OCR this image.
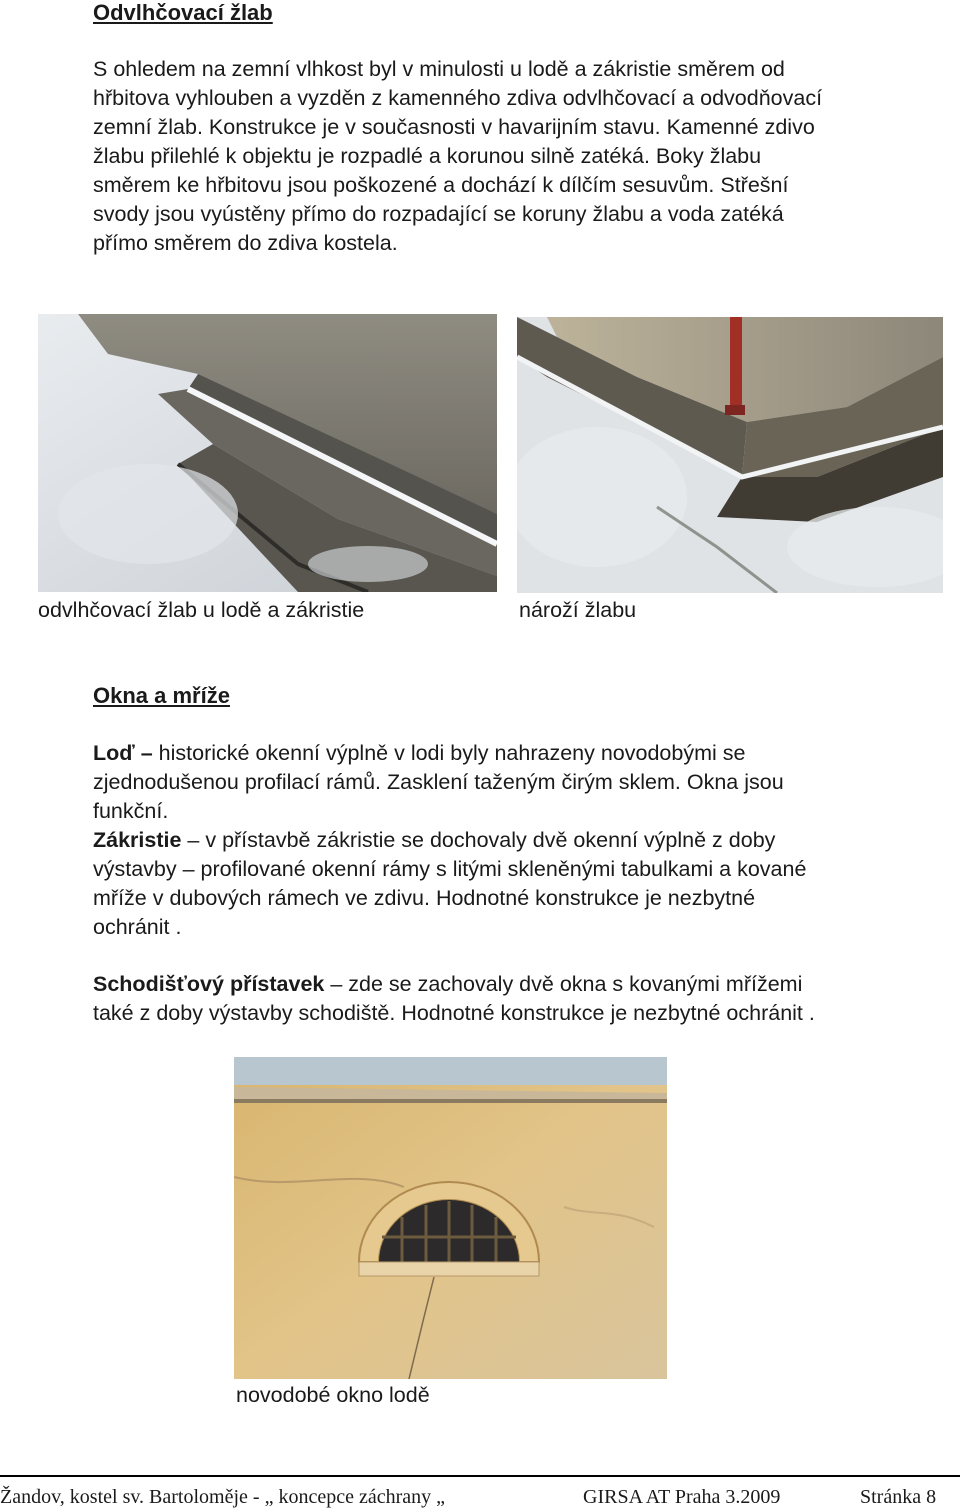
Odvlhčovací žlab
S ohledem na zemní vlhkost byl v minulosti u lodě a zákristie směrem od
hřbitova vyhlouben a vyzděn z kamenného zdiva odvlhčovací a odvodňovací
zemní žlab. Konstrukce je v současnosti v havarijním stavu. Kamenné zdivo
žlabu přilehlé k objektu je rozpadlé a korunou silně zatéká. Boky žlabu
směrem ke hřbitovu jsou poškozené a dochází k dílčím sesuvům. Střešní
svody jsou vyústěny přímo do rozpadající se koruny žlabu a voda zatéká
přímo směrem do zdiva kostela.
odvlhčovací žlab u lodě a zákristie	nároží žlabu
Okna a mříže
Loď – historické okenní výplně v lodi byly nahrazeny novodobými se
zjednodušenou profilací rámů. Zasklení taženým čirým sklem. Okna jsou
funkční.
Zákristie – v přístavbě zákristie se dochovaly dvě okenní výplně z doby
výstavby – profilované okenní rámy s litými skleněnými tabulkami a kované
mříže v dubových rámech ve zdivu. Hodnotné konstrukce je nezbytné
ochránit .
Schodišťový přístavek – zde se zachovaly dvě okna s kovanými mřížemi
také z doby výstavby schodiště. Hodnotné konstrukce je nezbytné ochránit .
novodobé okno lodě
Žandov, kostel sv. Bartoloměje - „ koncepce záchrany „	GIRSA AT Praha 3.2009	Stránka 8
